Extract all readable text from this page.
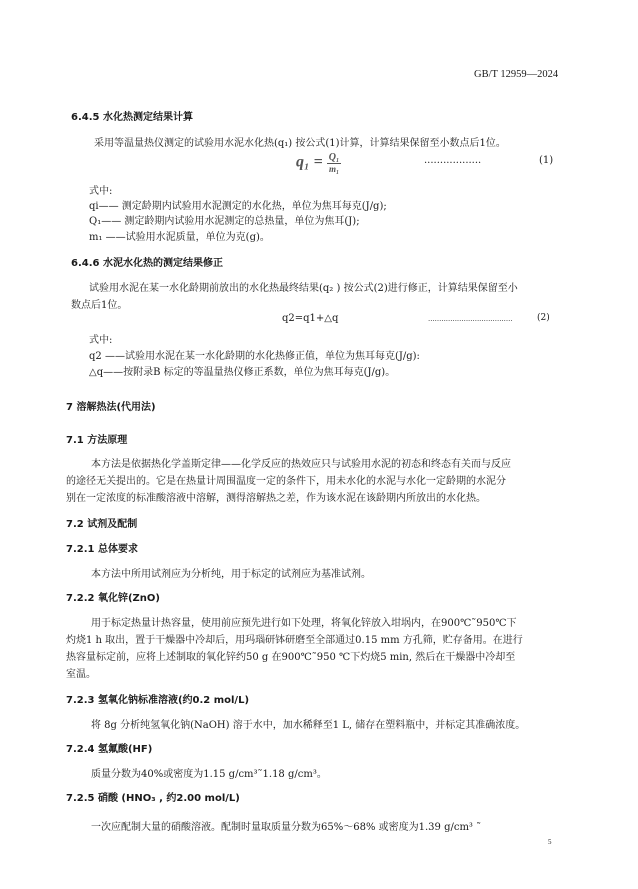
GB/T 12959—2024
6.4.5 水化热测定结果计算
采用等温量热仪测定的试验用水泥水化热(q₁) 按公式(1)计算，计算结果保留至小数点后1位。
$q_1 = \frac{\text{Q₁}}{\text{m₁}}$	..................	(1)
式中:
qi—— 测定龄期内试验用水泥测定的水化热，单位为焦耳每克(J/g);
Q₁—— 测定龄期内试验用水泥测定的总热量，单位为焦耳(J);
m₁ ——试验用水泥质量，单位为克(g)。
6.4.6 水泥水化热的测定结果修正
试验用水泥在某一水化龄期前放出的水化热最终结果(q₂ ) 按公式(2)进行修正，计算结果保留至小
数点后1位。
q2=q1+△q	......................................	(2)
式中:
q2 ——试验用水泥在某一水化龄期的水化热修正值，单位为焦耳每克(J/g):
△q——按附录B 标定的等温量热仪修正系数，单位为焦耳每克(J/g)。
7 溶解热法(代用法)
7.1 方法原理
本方法是依据热化学盖斯定律——化学反应的热效应只与试验用水泥的初态和终态有关而与反应
的途径无关提出的。它是在热量计周围温度一定的条件下，用未水化的水泥与水化一定龄期的水泥分
别在一定浓度的标准酸溶液中溶解，测得溶解热之差，作为该水泥在该龄期内所放出的水化热。
7.2 试剂及配制
7.2.1 总体要求
本方法中所用试剂应为分析纯，用于标定的试剂应为基准试剂。
7.2.2 氧化锌(ZnO)
用于标定热量计热容量，使用前应预先进行如下处理，将氧化锌放入坩埚内，在900℃˜950℃下
灼烧1 h 取出，置于干燥器中冷却后，用玛瑙研钵研磨至全部通过0.15 mm 方孔筛，贮存备用。在进行
热容量标定前，应将上述制取的氧化锌约50 g 在900℃˜950 ℃下灼烧5 min, 然后在干燥器中冷却至
室温。
7.2.3 氢氧化钠标准溶液(约0.2 mol/L)
将 8g 分析纯氢氧化钠(NaOH) 溶于水中，加水稀释至1 L, 储存在塑料瓶中，并标定其准确浓度。
7.2.4 氢氟酸(HF)
质量分数为40%或密度为1.15 g/cm³˜1.18 g/cm³。
7.2.5 硝酸 (HNO₃ , 约2.00 mol/L)
一次应配制大量的硝酸溶液。配制时量取质量分数为65%～68% 或密度为1.39 g/cm³ ˜
5
